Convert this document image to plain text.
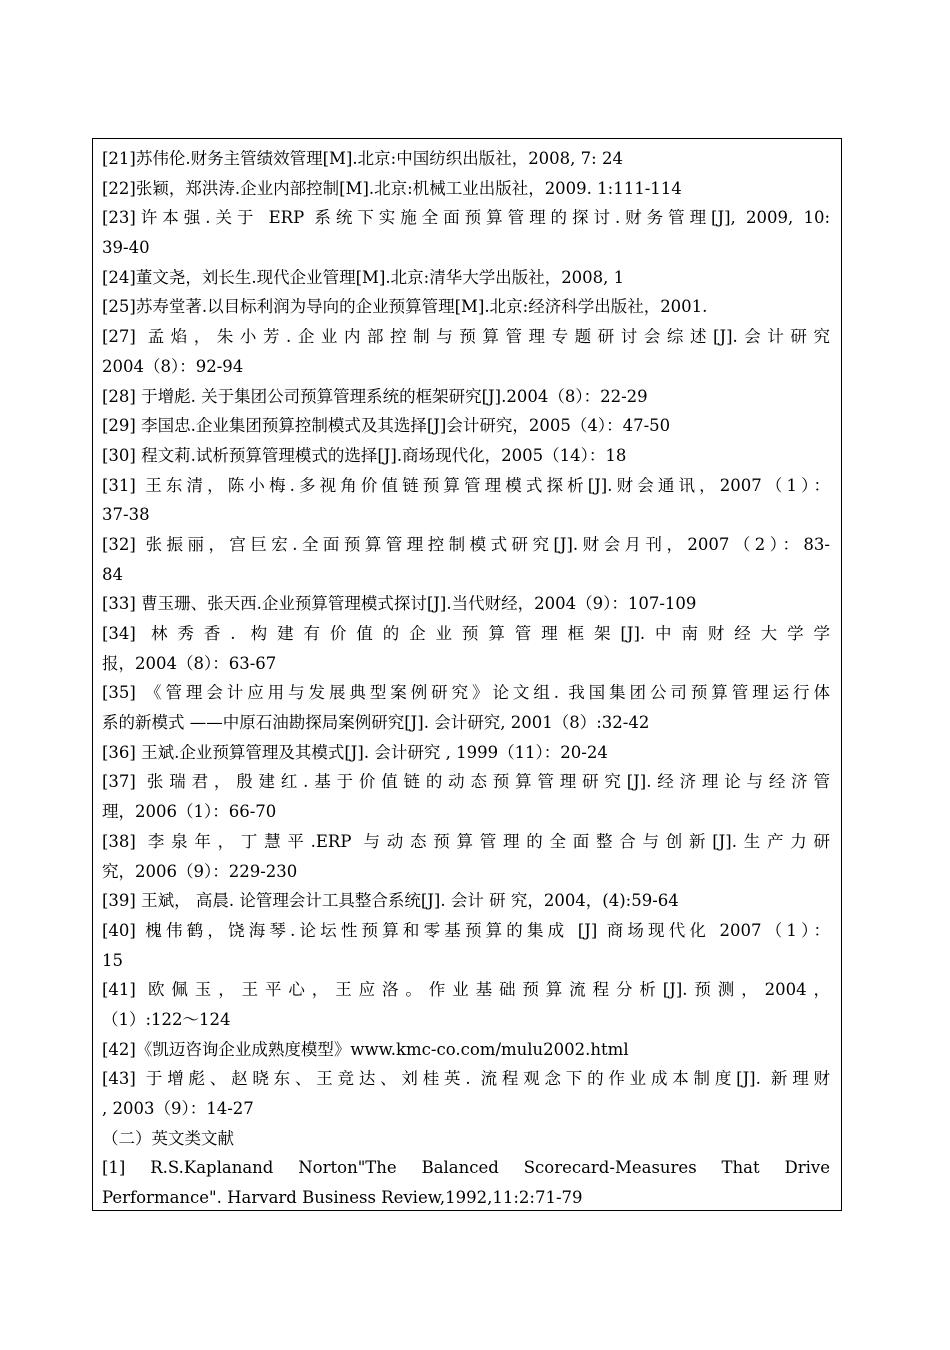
[21]苏伟伦.财务主管绩效管理[M].北京:中国纺织出版社，2008, 7: 24
[22]张颖，郑洪涛.企业内部控制[M].北京:机械工业出版社，2009. 1:111-114
[23]许本强.关于 ERP 系统下实施全面预算管理的探讨.财务管理[J], 2009, 10:
39-40
[24]董文尧，刘长生.现代企业管理[M].北京:清华大学出版社，2008, 1
[25]苏寿堂著.以目标利润为导向的企业预算管理[M].北京:经济科学出版社，2001.
[27] 孟焰，朱小芳.企业内部控制与预算管理专题研讨会综述[J].会计研究
2004（8）：92-94
[28] 于增彪. 关于集团公司预算管理系统的框架研究[J].2004（8）：22-29
[29] 李国忠.企业集团预算控制模式及其选择[J]会计研究，2005（4）：47-50
[30] 程文莉.试析预算管理模式的选择[J].商场现代化，2005（14）：18
[31] 王东清，陈小梅.多视角价值链预算管理模式探析[J].财会通讯，2007（1）：
37-38
[32] 张振丽，宫巨宏.全面预算管理控制模式研究[J].财会月刊，2007（2）：83-
84
[33] 曹玉珊、张天西.企业预算管理模式探讨[J].当代财经，2004（9）：107-109
[34] 林秀香. 构建有价值的企业预算管理框架[J].中南财经大学学
报，2004（8）：63-67
[35] 《管理会计应用与发展典型案例研究》论文组. 我国集团公司预算管理运行体
系的新模式 ——中原石油勘探局案例研究[J]. 会计研究, 2001（8）:32-42
[36] 王斌.企业预算管理及其模式[J]. 会计研究 , 1999（11）：20-24
[37] 张瑞君，殷建红.基于价值链的动态预算管理研究[J].经济理论与经济管
理，2006（1）：66-70
[38] 李泉年，丁慧平.ERP 与动态预算管理的全面整合与创新[J].生产力研
究，2006（9）：229-230
[39] 王斌， 高晨. 论管理会计工具整合系统[J]. 会计 研 究，2004，(4):59-64
[40] 槐伟鹤，饶海琴.论坛性预算和零基预算的集成 [J] 商场现代化 2007（1）：
15
[41] 欧佩玉，王平心，王应洛。作业基础预算流程分析[J].预测，2004，
（1）:122～124
[42]《凯迈咨询企业成熟度模型》www.kmc-co.com/mulu2002.html
[43] 于增彪、赵晓东、王竞达、刘桂英. 流程观念下的作业成本制度[J]. 新理财
, 2003（9）：14-27
（二）英文类文献
[1] R.S.Kaplanand Norton"The Balanced Scorecard-Measures That Drive
Performance". Harvard Business Review,1992,11:2:71-79
